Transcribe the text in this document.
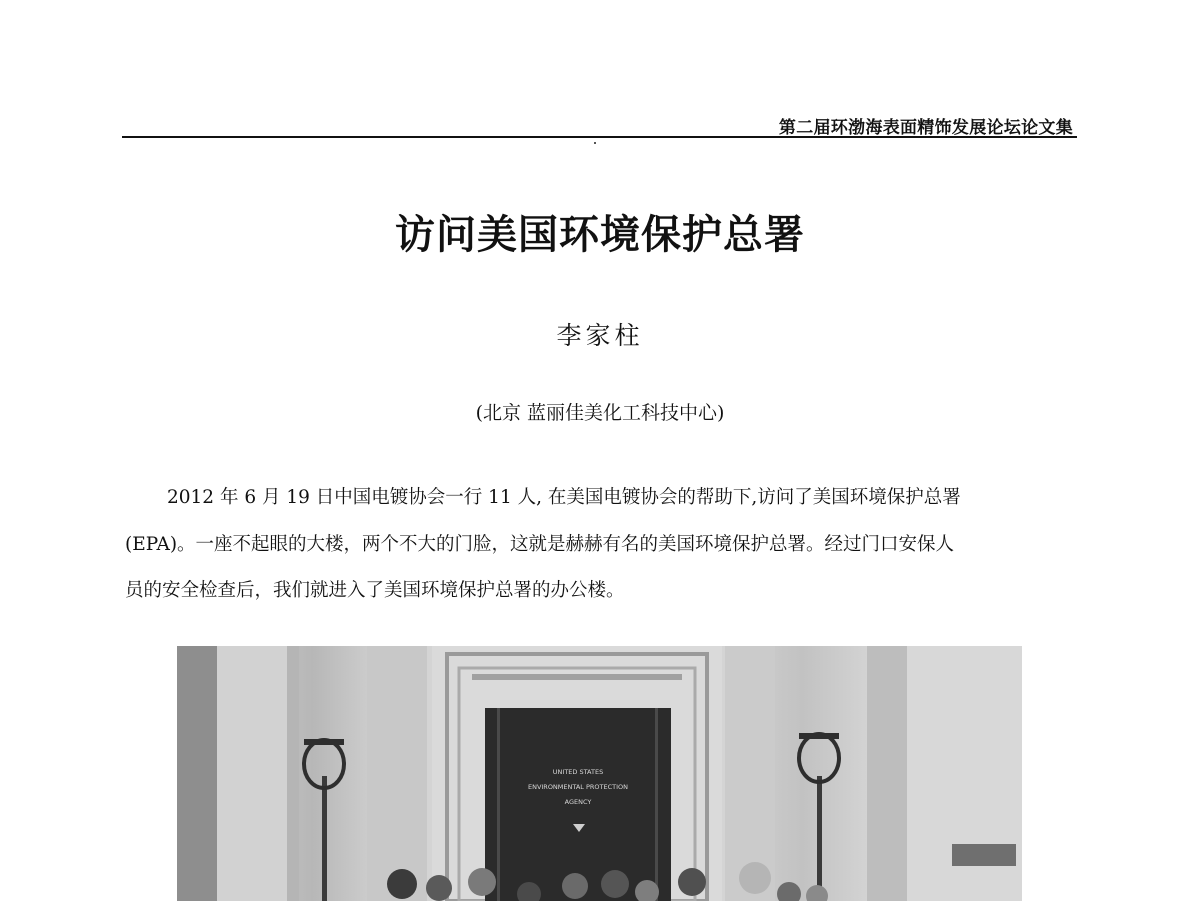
第二届环渤海表面精饰发展论坛论文集
访问美国环境保护总署
李家柱
(北京 蓝丽佳美化工科技中心)
2012 年 6 月 19 日中国电镀协会一行 11 人, 在美国电镀协会的帮助下,访问了美国环境保护总署
(EPA)。一座不起眼的大楼，两个不大的门脸，这就是赫赫有名的美国环境保护总署。经过门口安保人
员的安全检查后，我们就进入了美国环境保护总署的办公楼。
UNITED STATES
ENVIRONMENTAL PROTECTION
AGENCY
